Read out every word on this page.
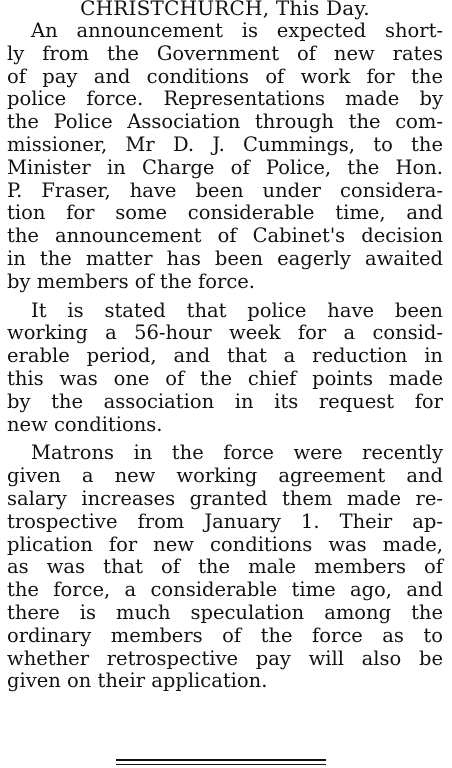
CHRISTCHURCH, This Day.
An announcement is expected short-
ly from the Government of new rates
of pay and conditions of work for the
police force. Representations made by
the Police Association through the com-
missioner, Mr D. J. Cummings, to the
Minister in Charge of Police, the Hon.
P. Fraser, have been under considera-
tion for some considerable time, and
the announcement of Cabinet's decision
in the matter has been eagerly awaited
by members of the force.
It is stated that police have been
working a 56-hour week for a consid-
erable period, and that a reduction in
this was one of the chief points made
by the association in its request for
new conditions.
Matrons in the force were recently
given a new working agreement and
salary increases granted them made re-
trospective from January 1. Their ap-
plication for new conditions was made,
as was that of the male members of
the force, a considerable time ago, and
there is much speculation among the
ordinary members of the force as to
whether retrospective pay will also be
given on their application.
